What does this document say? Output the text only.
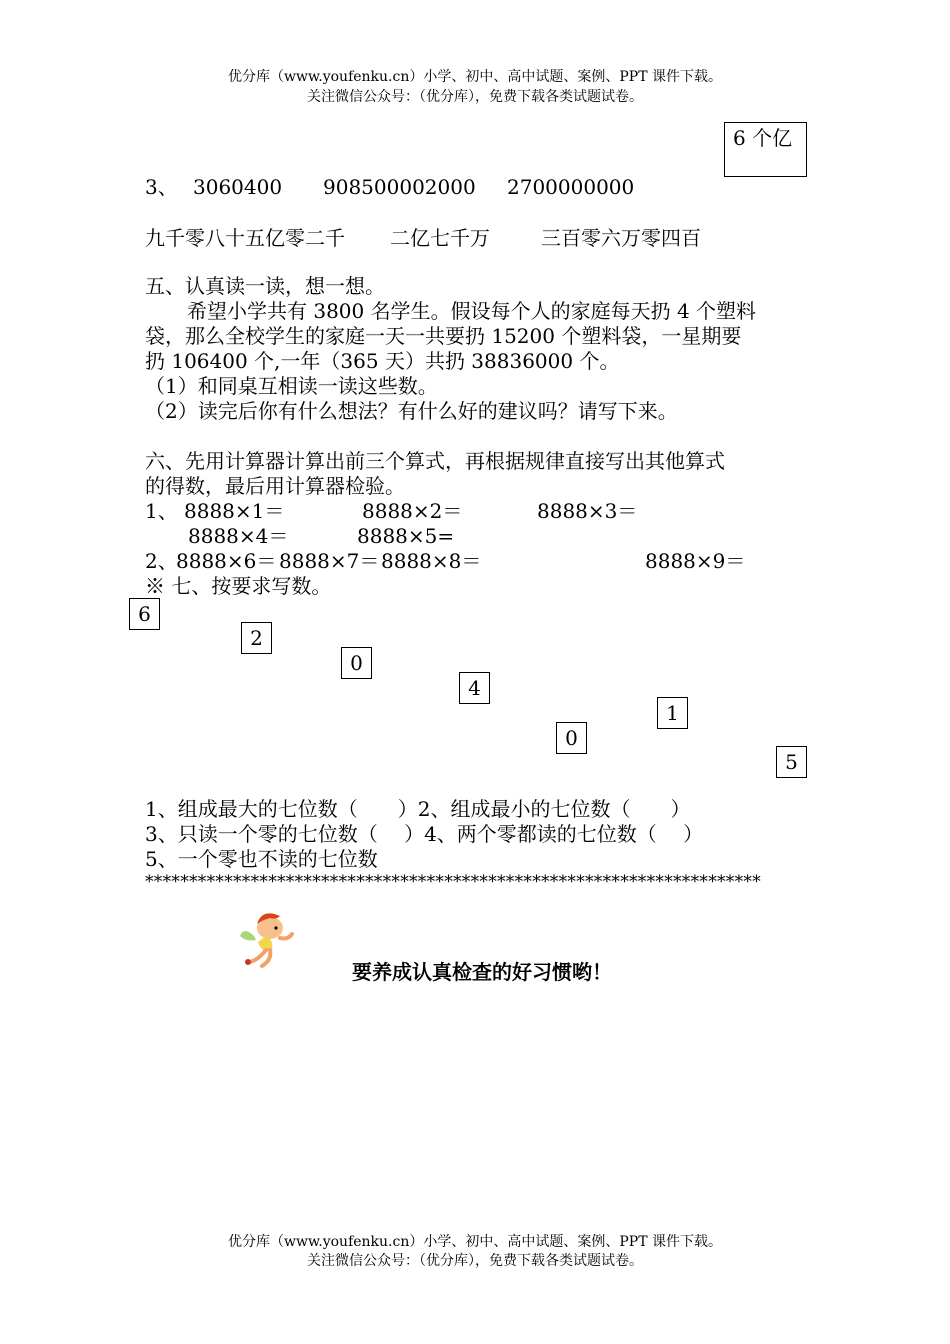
优分库（www.youfenku.cn）小学、初中、高中试题、案例、PPT 课件下载。
关注微信公众号：（优分库），免费下载各类试题试卷。
6 个亿
3、 3060400 908500002000 2700000000
九千零八十五亿零二千 二亿七千万	三百零六万零四百
五、认真读一读，想一想。
希望小学共有 3800 名学生。假设每个人的家庭每天扔 4 个塑料
袋，那么全校学生的家庭一天一共要扔 15200 个塑料袋，一星期要
扔 106400 个,一年（365 天）共扔 38836000 个。
（1）和同桌互相读一读这些数。
（2）读完后你有什么想法？有什么好的建议吗？请写下来。
六、先用计算器计算出前三个算式，再根据规律直接写出其他算式
的得数，最后用计算器检验。
1、 8888×1＝	8888×2＝	8888×3＝
8888×4＝	8888×5=
2、
8888×6＝ 8888×7＝ 8888×8＝	8888×9＝
※ 七、按要求写数。
6
2
0
4
1
0
5
1、组成最大的七位数（　　）2、组成最小的七位数（　　）
3、只读一个零的七位数（　 ）4、两个零都读的七位数（　 ）
5、一个零也不读的七位数
**********************************************************************
要养成认真检查的好习惯哟！
优分库（www.youfenku.cn）小学、初中、高中试题、案例、PPT 课件下载。
关注微信公众号：（优分库），免费下载各类试题试卷。
